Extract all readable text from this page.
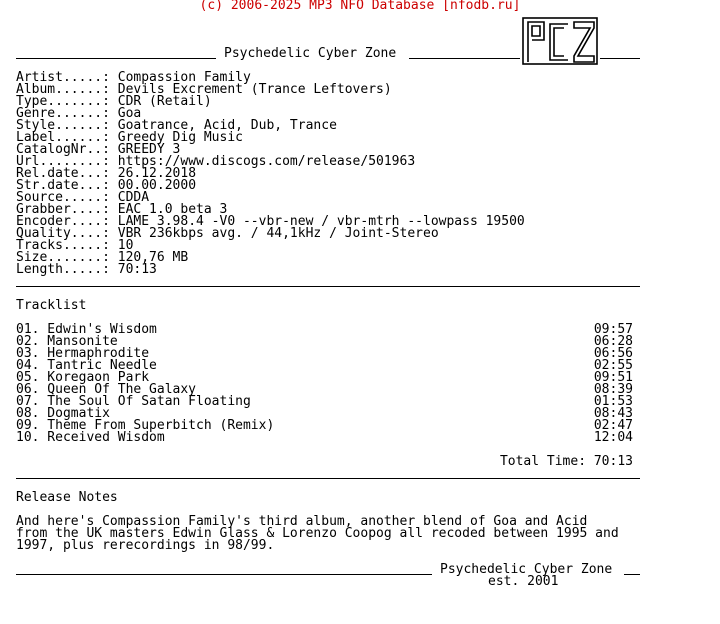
(c) 2006-2025 MP3 NFO Database [nfodb.ru]
Psychedelic Cyber Zone
Artist.....: Compassion Family
Album......: Devils Excrement (Trance Leftovers)
Type.......: CDR (Retail)
Genre......: Goa
Style......: Goatrance, Acid, Dub, Trance
Label......: Greedy Dig Music
CatalogNr..: GREEDY 3
Url........: https://www.discogs.com/release/501963
Rel.date...: 26.12.2018
Str.date...: 00.00.2000
Source.....: CDDA
Grabber....: EAC 1.0 beta 3
Encoder....: LAME 3.98.4 -V0 --vbr-new / vbr-mtrh --lowpass 19500
Quality....: VBR 236kbps avg. / 44,1kHz / Joint-Stereo
Tracks.....: 10
Size.......: 120,76 MB
Length.....: 70:13
Tracklist
01. Edwin's Wisdom	09:57
02. Mansonite	06:28
03. Hermaphrodite	06:56
04. Tantric Needle	02:55
05. Koregaon Park	09:51
06. Queen Of The Galaxy	08:39
07. The Soul Of Satan Floating	01:53
08. Dogmatix	08:43
09. Theme From Superbitch (Remix)	02:47
10. Received Wisdom	12:04
Total Time: 70:13
Release Notes
And here's Compassion Family's third album, another blend of Goa and Acid
from the UK masters Edwin Glass & Lorenzo Coopog all recoded between 1995 and
1997, plus rerecordings in 98/99.
Psychedelic Cyber Zone
est. 2001
